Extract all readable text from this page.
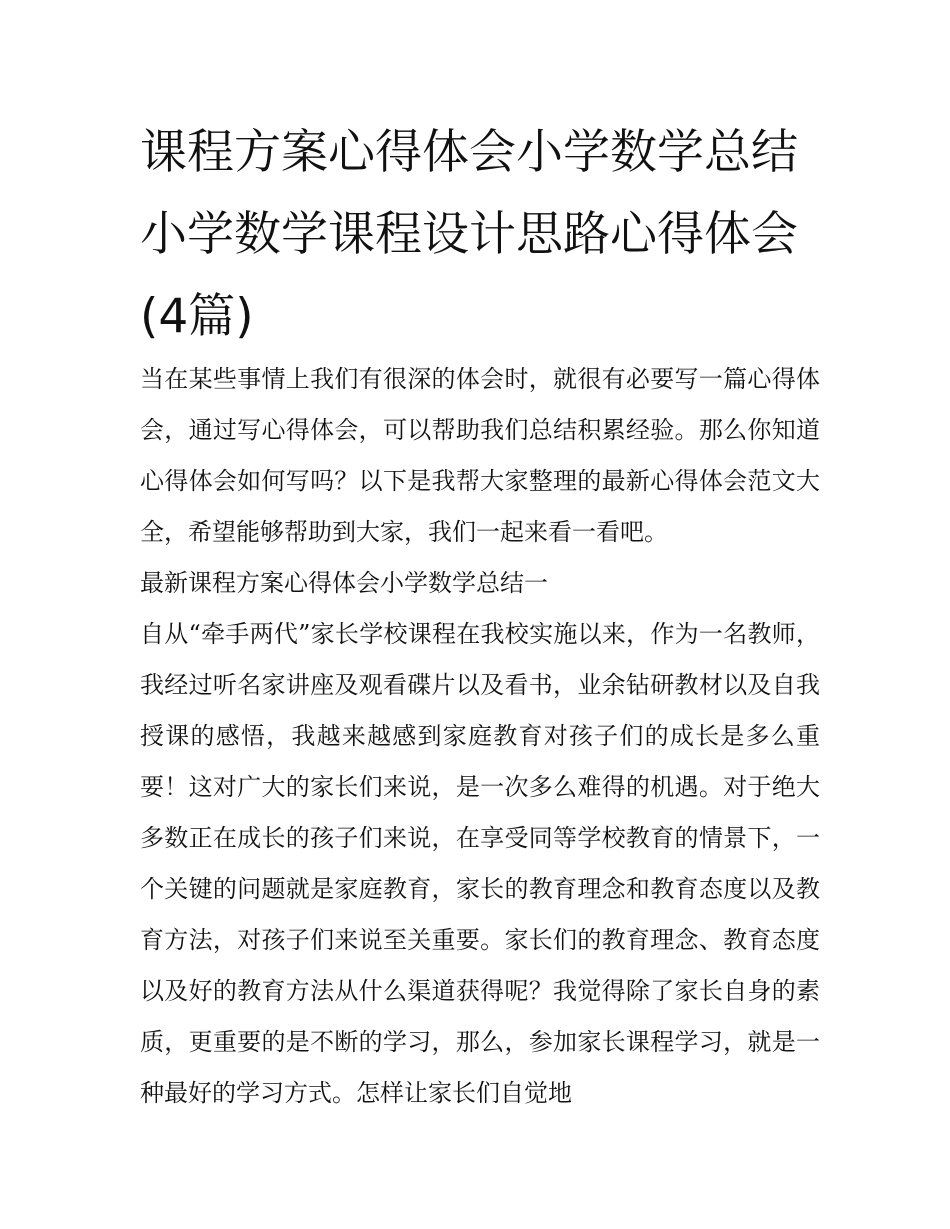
课程方案心得体会小学数学总结 小学数学课程设计思路心得体会(4篇)

当在某些事情上我们有很深的体会时，就很有必要写一篇心得体会，通过写心得体会，可以帮助我们总结积累经验。那么你知道心得体会如何写吗？以下是我帮大家整理的最新心得体会范文大全，希望能够帮助到大家，我们一起来看一看吧。

最新课程方案心得体会小学数学总结一

自从“牵手两代”家长学校课程在我校实施以来，作为一名教师，我经过听名家讲座及观看碟片以及看书，业余钻研教材以及自我授课的感悟，我越来越感到家庭教育对孩子们的成长是多么重要！这对广大的家长们来说，是一次多么难得的机遇。对于绝大多数正在成长的孩子们来说，在享受同等学校教育的情景下，一个关键的问题就是家庭教育，家长的教育理念和教育态度以及教育方法，对孩子们来说至关重要。家长们的教育理念、教育态度以及好的教育方法从什么渠道获得呢？我觉得除了家长自身的素质，更重要的是不断的学习，那么，参加家长课程学习，就是一种最好的学习方式。怎样让家长们自觉地
